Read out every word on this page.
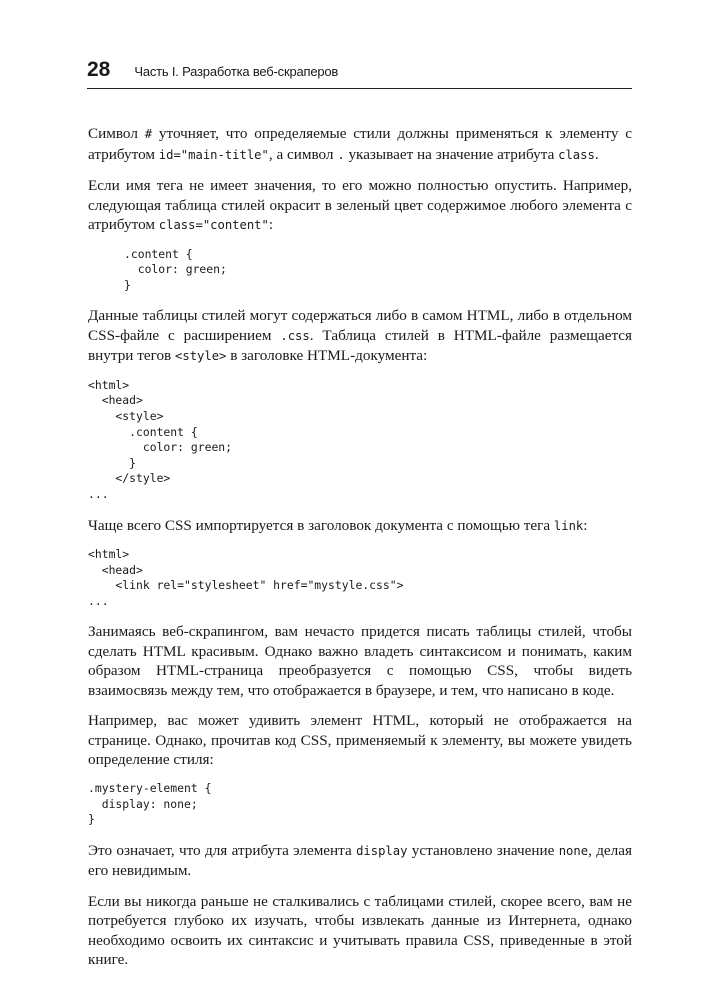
28 Часть I. Разработка веб-скраперов

Символ # уточняет, что определяемые стили должны применяться к элементу с атрибутом id="main-title", а символ . указывает на значение атрибута class.

Если имя тега не имеет значения, то его можно полностью опустить. Например, следующая таблица стилей окрасит в зеленый цвет содержимое любого элемента с атрибутом class="content":

.content {
color: green;
}

Данные таблицы стилей могут содержаться либо в самом HTML, либо в отдельном CSS-файле с расширением .css. Таблица стилей в HTML-файле размещается внутри тегов <style> в заголовке HTML-документа:

<html>
<head>
<style>
.content {
color: green;
}
</style>
...

Чаще всего CSS импортируется в заголовок документа с помощью тега link:

<html>
<head>
<link rel="stylesheet" href="mystyle.css">
...

Занимаясь веб-скрапингом, вам нечасто придется писать таблицы стилей, чтобы сделать HTML красивым. Однако важно владеть синтаксисом и понимать, каким образом HTML-страница преобразуется с помощью CSS, чтобы видеть взаимосвязь между тем, что отображается в браузере, и тем, что написано в коде.

Например, вас может удивить элемент HTML, который не отображается на странице. Однако, прочитав код CSS, применяемый к элементу, вы можете увидеть определение стиля:

.mystery-element {
display: none;
}

Это означает, что для атрибута элемента display установлено значение none, делая его невидимым.

Если вы никогда раньше не сталкивались с таблицами стилей, скорее всего, вам не потребуется глубоко их изучать, чтобы извлекать данные из Интернета, однако необходимо освоить их синтаксис и учитывать правила CSS, приведенные в этой книге.
